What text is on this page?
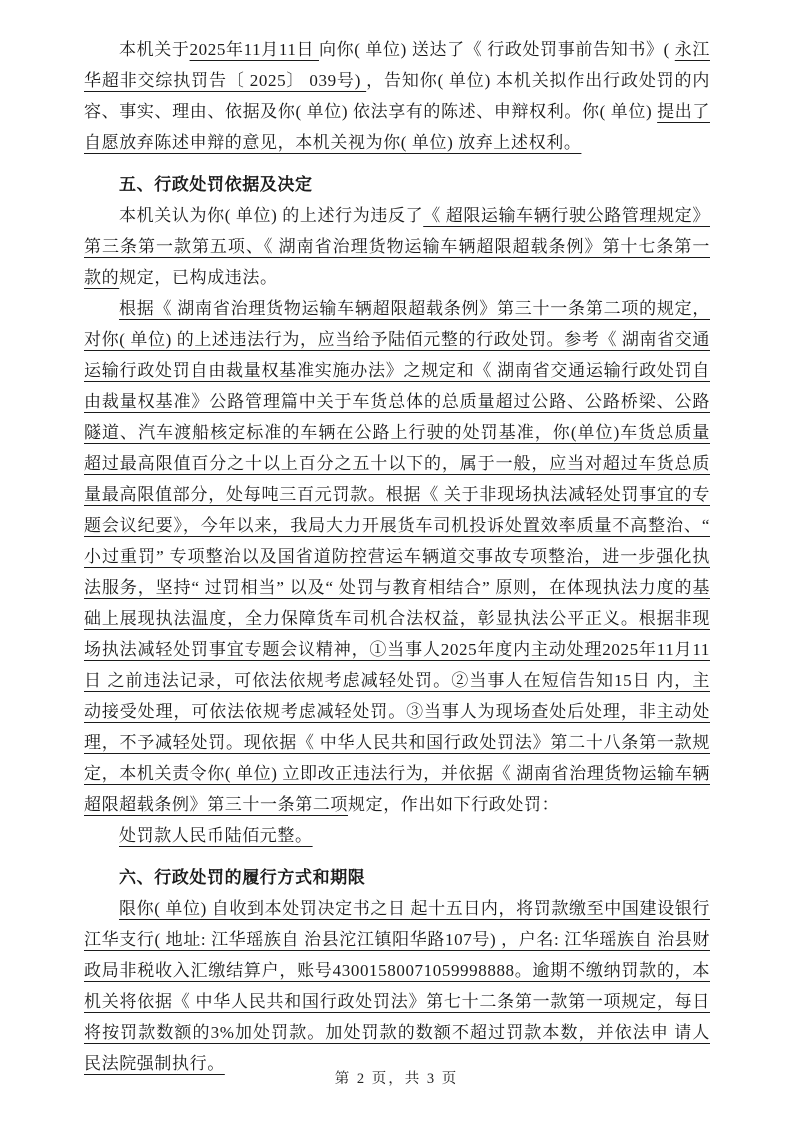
本机关于2025年11月11日 向你( 单位) 送达了《 行政处罚事前告知书》( 永江华超非交综执罚告〔 2025〕 039号) ，告知你( 单位) 本机关拟作出行政处罚的内容、事实、理由、依据及你( 单位) 依法享有的陈述、申辩权利。你( 单位) 提出了自愿放弃陈述申辩的意见，本机关视为你( 单位) 放弃上述权利。

五、行政处罚依据及决定

本机关认为你( 单位) 的上述行为违反了《 超限运输车辆行驶公路管理规定》第三条第一款第五项、《 湖南省治理货物运输车辆超限超载条例》第十七条第一款的规定，已构成违法。

根据《 湖南省治理货物运输车辆超限超载条例》第三十一条第二项的规定，对你( 单位) 的上述违法行为，应当给予陆佰元整的行政处罚。参考《 湖南省交通运输行政处罚自由裁量权基准实施办法》之规定和《 湖南省交通运输行政处罚自由裁量权基准》公路管理篇中关于车货总体的总质量超过公路、公路桥梁、公路隧道、汽车渡船核定标准的车辆在公路上行驶的处罚基准，你(单位)车货总质量超过最高限值百分之十以上百分之五十以下的，属于一般，应当对超过车货总质量最高限值部分，处每吨三百元罚款。根据《 关于非现场执法减轻处罚事宜的专题会议纪要》，今年以来，我局大力开展货车司机投诉处置效率质量不高整治、“ 小过重罚” 专项整治以及国省道防控营运车辆道交事故专项整治，进一步强化执法服务，坚持“ 过罚相当” 以及“ 处罚与教育相结合” 原则，在体现执法力度的基础上展现执法温度，全力保障货车司机合法权益，彰显执法公平正义。根据非现场执法减轻处罚事宜专题会议精神，①当事人2025年度内主动处理2025年11月11日 之前违法记录，可依法依规考虑减轻处罚。②当事人在短信告知15日 内，主动接受处理，可依法依规考虑减轻处罚。③当事人为现场查处后处理，非主动处理，不予减轻处罚。现依据《 中华人民共和国行政处罚法》第二十八条第一款规定，本机关责令你( 单位) 立即改正违法行为，并依据《 湖南省治理货物运输车辆超限超载条例》第三十一条第二项规定，作出如下行政处罚：

处罚款人民币陆佰元整。

六、行政处罚的履行方式和期限

限你( 单位) 自收到本处罚决定书之日 起十五日内，将罚款缴至中国建设银行江华支行( 地址: 江华瑶族自 治县沱江镇阳华路107号) ，户名: 江华瑶族自 治县财政局非税收入汇缴结算户，账号43001580071059998888。逾期不缴纳罚款的，本机关将依据《 中华人民共和国行政处罚法》第七十二条第一款第一项规定，每日 将按罚款数额的3%加处罚款。加处罚款的数额不超过罚款本数，并依法申 请人民法院强制执行。

第 2 页，共 3 页
